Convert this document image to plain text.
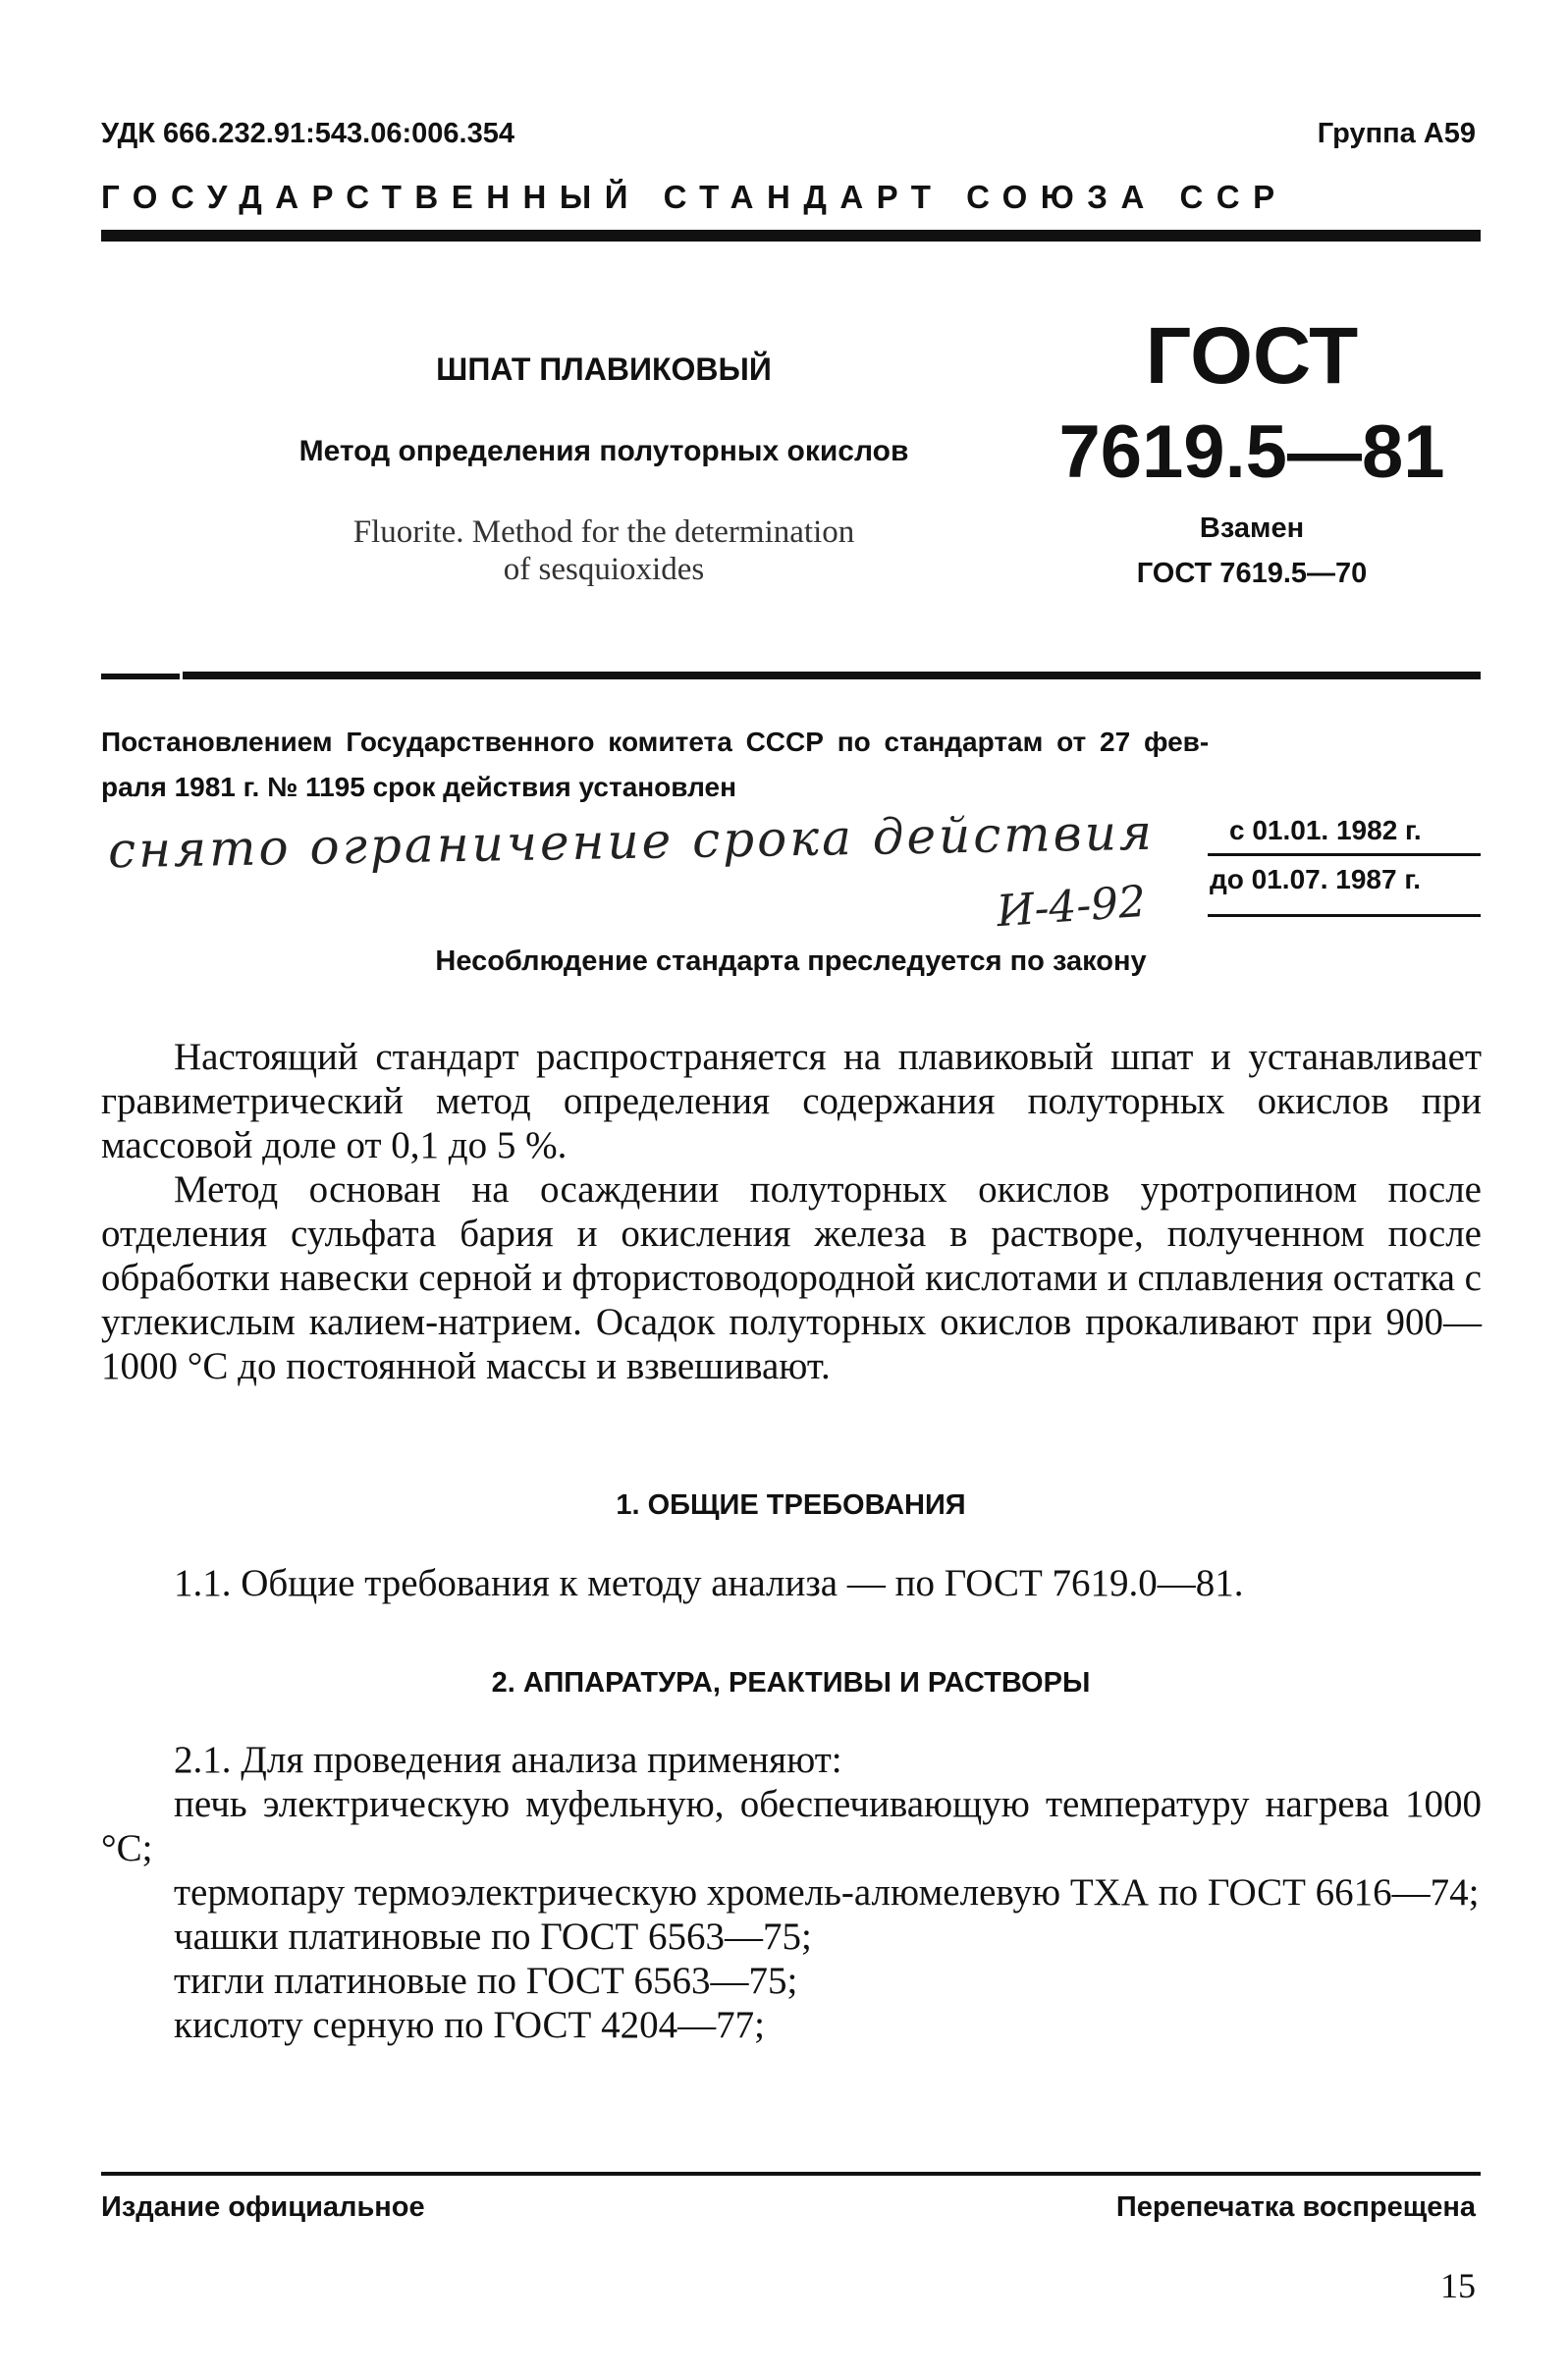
УДК 666.232.91:543.06:006.354	Группа А59
ГОСУДАРСТВЕННЫЙ СТАНДАРТ СОЮЗА ССР
ШПАТ ПЛАВИКОВЫЙ
Метод определения полуторных окислов
Fluorite. Method for the determination
of sesquioxides
ГОСТ
7619.5—81
Взамен
ГОСТ 7619.5—70
Постановлением Государственного комитета СССР по стандартам от 27 фев-
раля 1981 г. № 1195 срок действия установлен
снято ограничение срока действия
И-4-92
с 01.01. 1982 г.
до 01.07. 1987 г.
Несоблюдение стандарта преследуется по закону

Настоящий стандарт распространяется на плавиковый шпат и устанавливает гравиметрический метод определения содержания полуторных окислов при массовой доле от 0,1 до 5 %.

Метод основан на осаждении полуторных окислов уротропином после отделения сульфата бария и окисления железа в растворе, полученном после обработки навески серной и фтористоводородной кислотами и сплавления остатка с углекислым калием-натрием. Осадок полуторных окислов прокаливают при 900—1000 °С до постоянной массы и взвешивают.

1. ОБЩИЕ ТРЕБОВАНИЯ

1.1. Общие требования к методу анализа — по ГОСТ 7619.0—81.

2. АППАРАТУРА, РЕАКТИВЫ И РАСТВОРЫ

2.1. Для проведения анализа применяют:

печь электрическую муфельную, обеспечивающую температуру нагрева 1000 °С;

термопару термоэлектрическую хромель-алюмелевую ТХА по ГОСТ 6616—74;

чашки платиновые по ГОСТ 6563—75;

тигли платиновые по ГОСТ 6563—75;

кислоту серную по ГОСТ 4204—77;

Издание официальное	Перепечатка воспрещена
15
